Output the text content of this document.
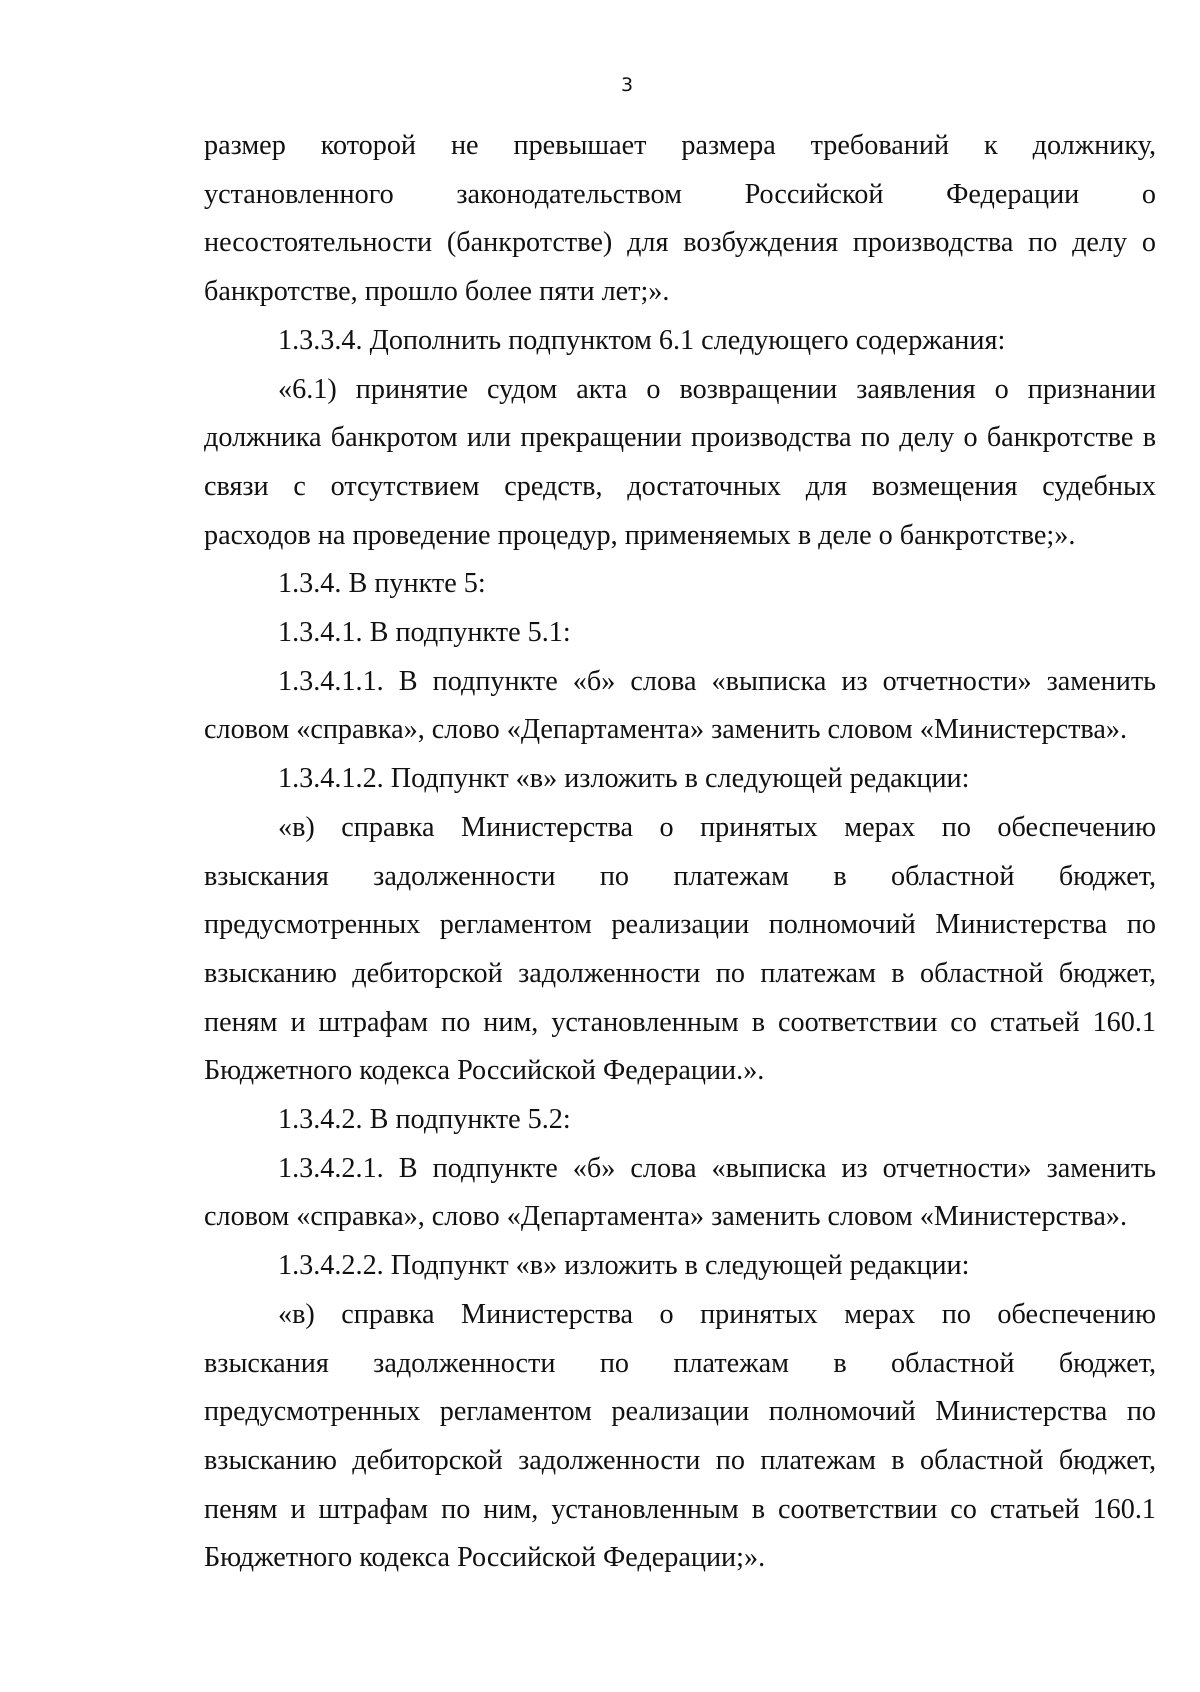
3
размер которой не превышает размера требований к должнику,
установленного законодательством Российской Федерации о
несостоятельности (банкротстве) для возбуждения производства по делу о
банкротстве, прошло более пяти лет;».
1.3.3.4. Дополнить подпунктом 6.1 следующего содержания:
«6.1) принятие судом акта о возвращении заявления о признании
должника банкротом или прекращении производства по делу о банкротстве в
связи с отсутствием средств, достаточных для возмещения судебных
расходов на проведение процедур, применяемых в деле о банкротстве;».
1.3.4. В пункте 5:
1.3.4.1. В подпункте 5.1:
1.3.4.1.1. В подпункте «б» слова «выписка из отчетности» заменить
словом «справка», слово «Департамента» заменить словом «Министерства».
1.3.4.1.2. Подпункт «в» изложить в следующей редакции:
«в) справка Министерства о принятых мерах по обеспечению
взыскания задолженности по платежам в областной бюджет,
предусмотренных регламентом реализации полномочий Министерства по
взысканию дебиторской задолженности по платежам в областной бюджет,
пеням и штрафам по ним, установленным в соответствии со статьей 160.1
Бюджетного кодекса Российской Федерации.».
1.3.4.2. В подпункте 5.2:
1.3.4.2.1. В подпункте «б» слова «выписка из отчетности» заменить
словом «справка», слово «Департамента» заменить словом «Министерства».
1.3.4.2.2. Подпункт «в» изложить в следующей редакции:
«в) справка Министерства о принятых мерах по обеспечению
взыскания задолженности по платежам в областной бюджет,
предусмотренных регламентом реализации полномочий Министерства по
взысканию дебиторской задолженности по платежам в областной бюджет,
пеням и штрафам по ним, установленным в соответствии со статьей 160.1
Бюджетного кодекса Российской Федерации;».
